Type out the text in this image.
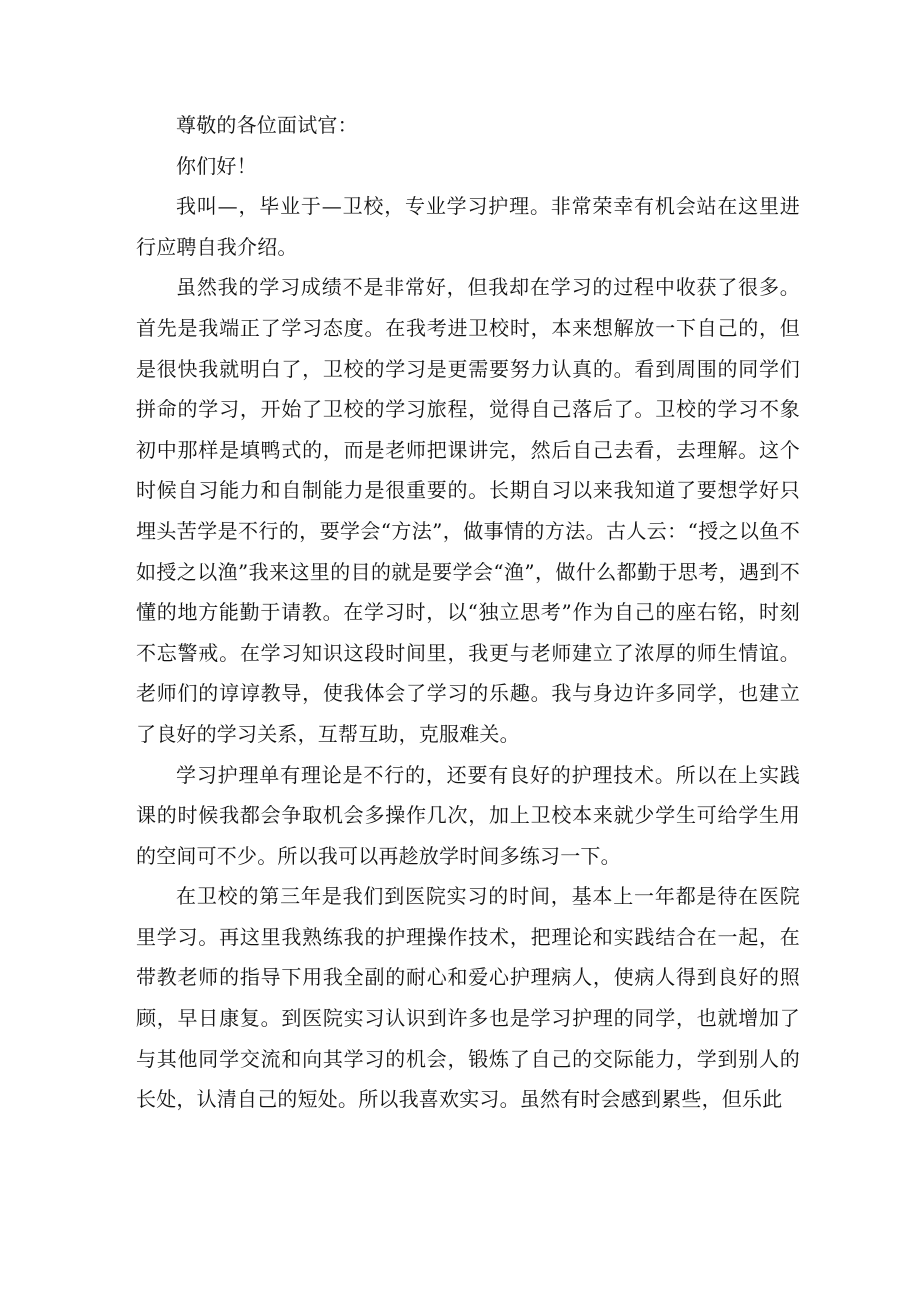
尊敬的各位面试官：

你们好！

我叫—，毕业于—卫校，专业学习护理。非常荣幸有机会站在这里进行应聘自我介绍。

虽然我的学习成绩不是非常好，但我却在学习的过程中收获了很多。首先是我端正了学习态度。在我考进卫校时，本来想解放一下自己的，但是很快我就明白了，卫校的学习是更需要努力认真的。看到周围的同学们拼命的学习，开始了卫校的学习旅程，觉得自己落后了。卫校的学习不象初中那样是填鸭式的，而是老师把课讲完，然后自己去看，去理解。这个时候自习能力和自制能力是很重要的。长期自习以来我知道了要想学好只埋头苦学是不行的，要学会“方法”，做事情的方法。古人云：“授之以鱼不如授之以渔”我来这里的目的就是要学会“渔”，做什么都勤于思考，遇到不懂的地方能勤于请教。在学习时，以“独立思考”作为自己的座右铭，时刻不忘警戒。在学习知识这段时间里，我更与老师建立了浓厚的师生情谊。老师们的谆谆教导，使我体会了学习的乐趣。我与身边许多同学，也建立了良好的学习关系，互帮互助，克服难关。

学习护理单有理论是不行的，还要有良好的护理技术。所以在上实践课的时候我都会争取机会多操作几次，加上卫校本来就少学生可给学生用的空间可不少。所以我可以再趁放学时间多练习一下。

在卫校的第三年是我们到医院实习的时间，基本上一年都是待在医院里学习。再这里我熟练我的护理操作技术，把理论和实践结合在一起，在带教老师的指导下用我全副的耐心和爱心护理病人，使病人得到良好的照顾，早日康复。到医院实习认识到许多也是学习护理的同学，也就增加了与其他同学交流和向其学习的机会，锻炼了自己的交际能力，学到别人的长处，认清自己的短处。所以我喜欢实习。虽然有时会感到累些，但乐此
